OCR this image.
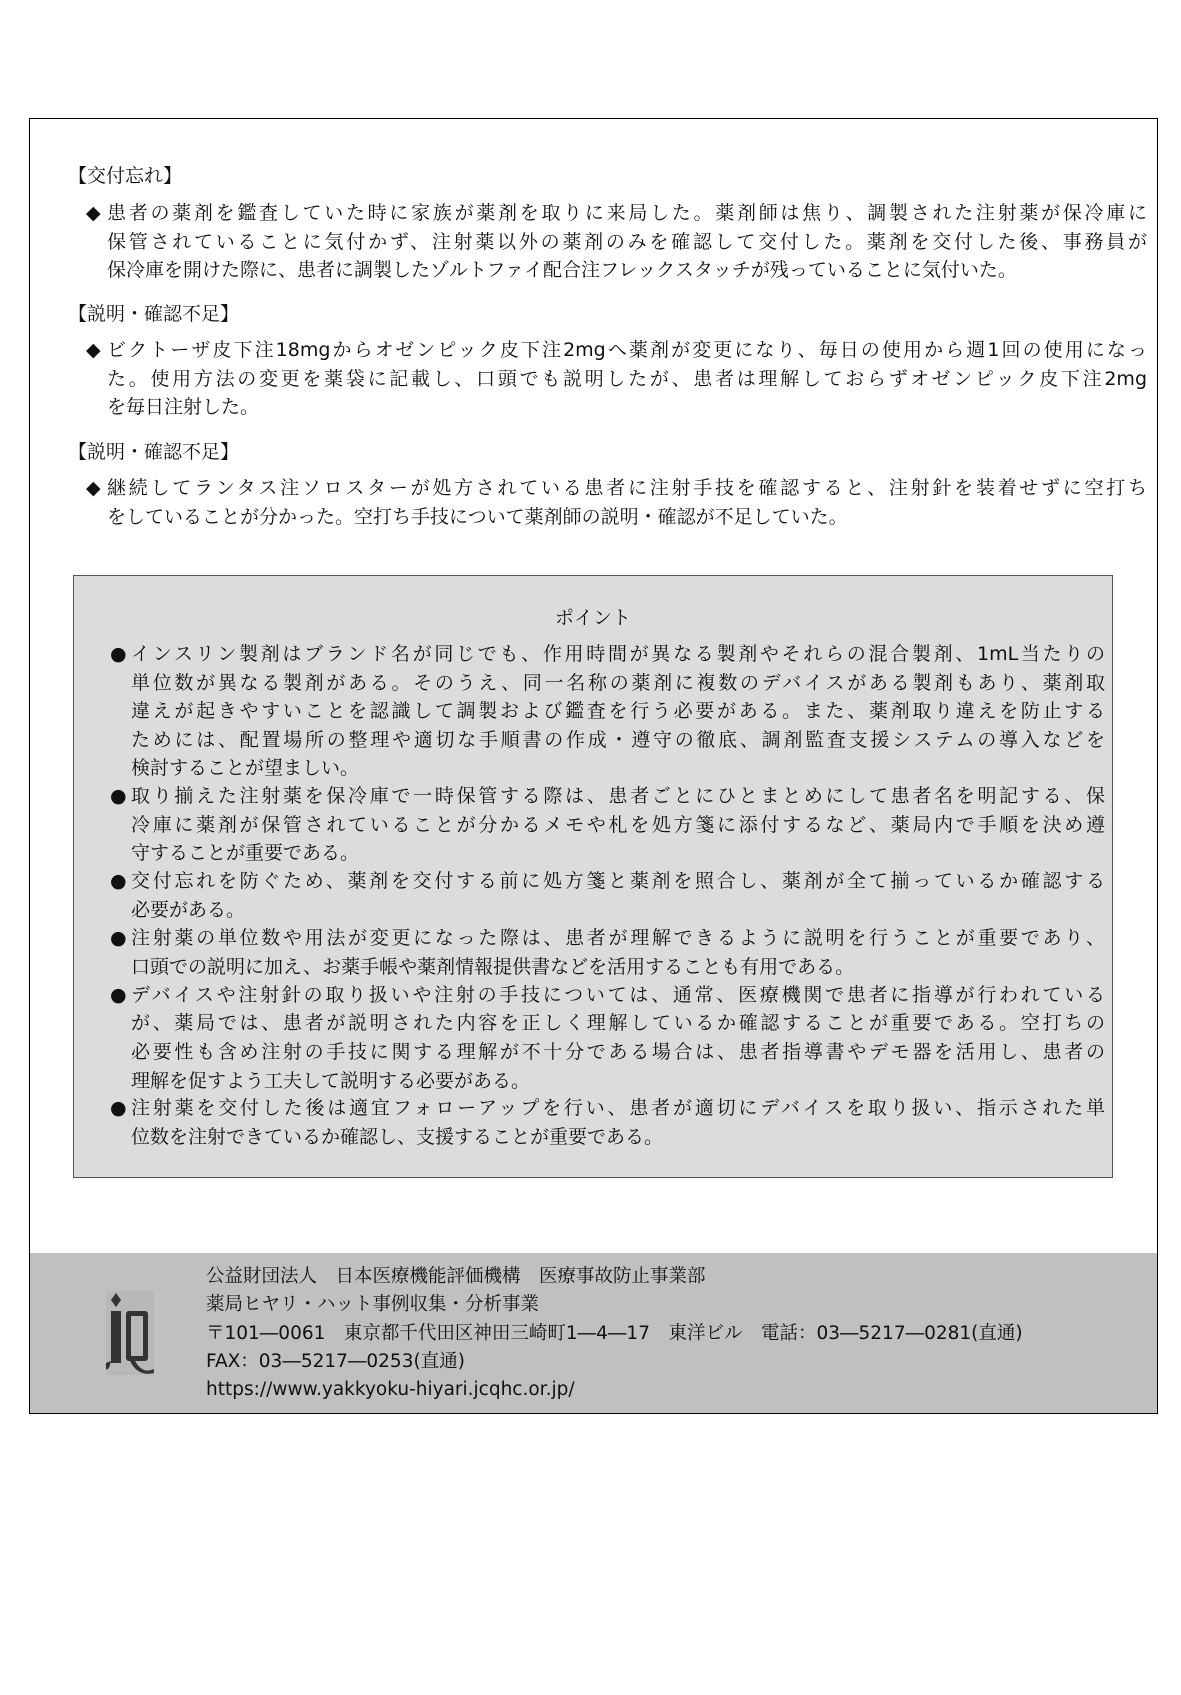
【交付忘れ】
◆ 患者の薬剤を鑑査していた時に家族が薬剤を取りに来局した。薬剤師は焦り、調製された注射薬が保冷庫に
保管されていることに気付かず、注射薬以外の薬剤のみを確認して交付した。薬剤を交付した後、事務員が
保冷庫を開けた際に、患者に調製したゾルトファイ配合注フレックスタッチが残っていることに気付いた。
【説明・確認不足】
◆ ビクトーザ皮下注18mgからオゼンピック皮下注2mgへ薬剤が変更になり、毎日の使用から週1回の使用になっ
た。使用方法の変更を薬袋に記載し、口頭でも説明したが、患者は理解しておらずオゼンピック皮下注2mg
を毎日注射した。
【説明・確認不足】
◆ 継続してランタス注ソロスターが処方されている患者に注射手技を確認すると、注射針を装着せずに空打ち
をしていることが分かった。空打ち手技について薬剤師の説明・確認が不足していた。
ポイント
● インスリン製剤はブランド名が同じでも、作用時間が異なる製剤やそれらの混合製剤、1mL当たりの
単位数が異なる製剤がある。そのうえ、同一名称の薬剤に複数のデバイスがある製剤もあり、薬剤取
違えが起きやすいことを認識して調製および鑑査を行う必要がある。また、薬剤取り違えを防止する
ためには、配置場所の整理や適切な手順書の作成・遵守の徹底、調剤監査支援システムの導入などを
検討することが望ましい。
● 取り揃えた注射薬を保冷庫で一時保管する際は、患者ごとにひとまとめにして患者名を明記する、保
冷庫に薬剤が保管されていることが分かるメモや札を処方箋に添付するなど、薬局内で手順を決め遵
守することが重要である。
● 交付忘れを防ぐため、薬剤を交付する前に処方箋と薬剤を照合し、薬剤が全て揃っているか確認する
必要がある。
● 注射薬の単位数や用法が変更になった際は、患者が理解できるように説明を行うことが重要であり、
口頭での説明に加え、お薬手帳や薬剤情報提供書などを活用することも有用である。
● デバイスや注射針の取り扱いや注射の手技については、通常、医療機関で患者に指導が行われている
が、薬局では、患者が説明された内容を正しく理解しているか確認することが重要である。空打ちの
必要性も含め注射の手技に関する理解が不十分である場合は、患者指導書やデモ器を活用し、患者の
理解を促すよう工夫して説明する必要がある。
● 注射薬を交付した後は適宜フォローアップを行い、患者が適切にデバイスを取り扱い、指示された単
位数を注射できているか確認し、支援することが重要である。
公益財団法人　日本医療機能評価機構　医療事故防止事業部
薬局ヒヤリ・ハット事例収集・分析事業
〒101―0061　東京都千代田区神田三崎町1―4―17　東洋ビル　電話：03―5217―0281(直通)
FAX：03―5217―0253(直通)
https://www.yakkyoku-hiyari.jcqhc.or.jp/
